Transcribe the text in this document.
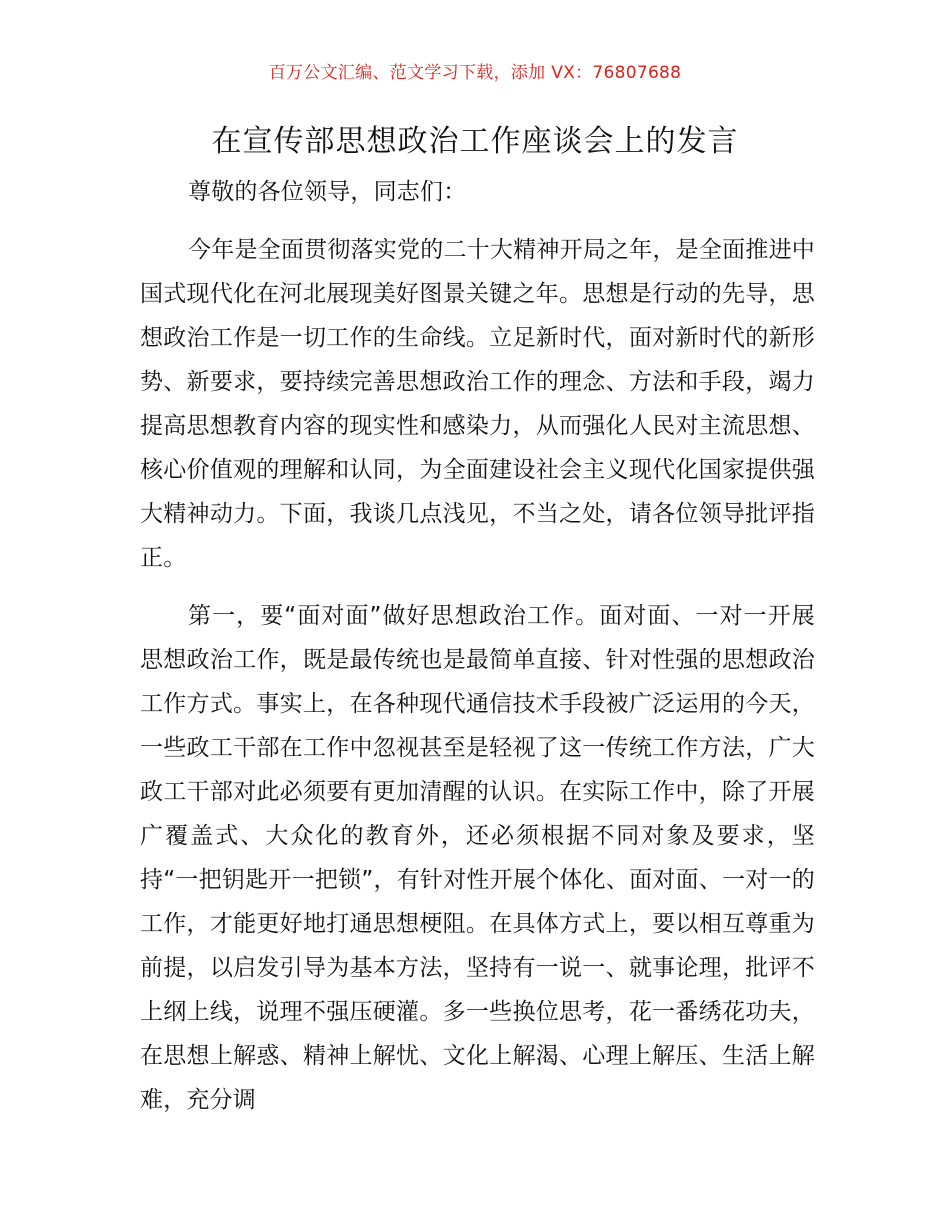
百万公文汇编、范文学习下载，添加 VX：76807688
在宣传部思想政治工作座谈会上的发言

尊敬的各位领导，同志们：

今年是全面贯彻落实党的二十大精神开局之年，是全面推进中国式现代化在河北展现美好图景关键之年。思想是行动的先导，思想政治工作是一切工作的生命线。立足新时代，面对新时代的新形势、新要求，要持续完善思想政治工作的理念、方法和手段，竭力提高思想教育内容的现实性和感染力，从而强化人民对主流思想、核心价值观的理解和认同，为全面建设社会主义现代化国家提供强大精神动力。下面，我谈几点浅见，不当之处，请各位领导批评指正。

第一，要“面对面”做好思想政治工作。面对面、一对一开展思想政治工作，既是最传统也是最简单直接、针对性强的思想政治工作方式。事实上，在各种现代通信技术手段被广泛运用的今天，一些政工干部在工作中忽视甚至是轻视了这一传统工作方法，广大政工干部对此必须要有更加清醒的认识。在实际工作中，除了开展广覆盖式、大众化的教育外，还必须根据不同对象及要求，坚持“一把钥匙开一把锁”，有针对性开展个体化、面对面、一对一的工作，才能更好地打通思想梗阻。在具体方式上，要以相互尊重为前提，以启发引导为基本方法，坚持有一说一、就事论理，批评不上纲上线，说理不强压硬灌。多一些换位思考，花一番绣花功夫，在思想上解惑、精神上解忧、文化上解渴、心理上解压、生活上解难，充分调
